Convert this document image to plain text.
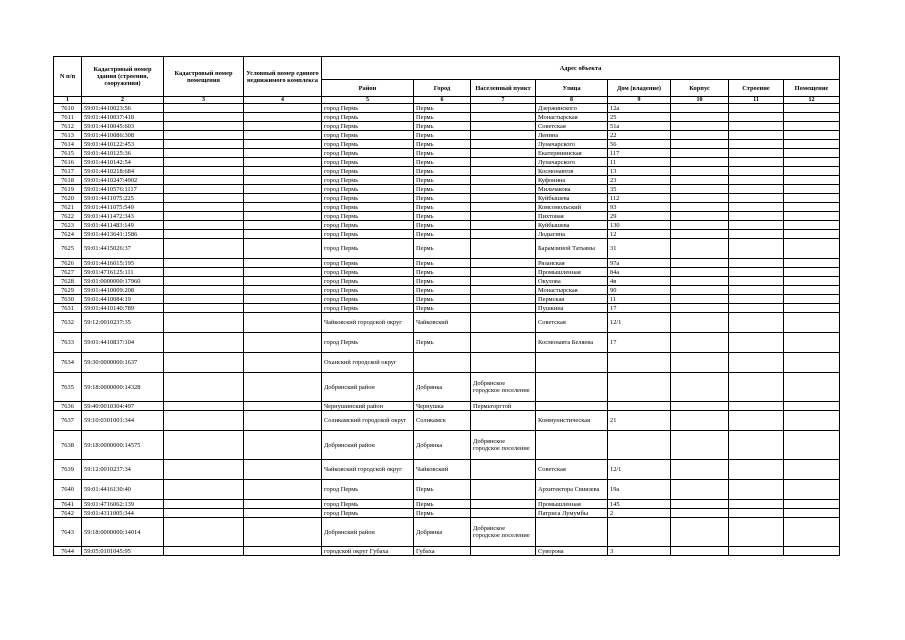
N п/п	Кадастровый номер здания (строения, сооружения)	Кадастровый номер помещения	Условный номер единого недвижимого комплекса	Адрес объекта							
				Район	Город	Населенный пункт	Улица	Дом (владение)	Корпус	Строение	Помещение
1	2	3	4	5	6	7	8	9	10	11	12
7610	59:01:4410023:56			город Пермь	Пермь		Дзержинского	12а			
7611	59:01:4410037:418			город Пермь	Пермь		Монастырская	25			
7612	59:01:4410045:603			город Пермь	Пермь		Советская	51а			
7613	59:01:4410086:308			город Пермь	Пермь		Ленина	22			
7614	59:01:4410122:453			город Пермь	Пермь		Луначарского	56			
7615	59:01:4410125:36			город Пермь	Пермь		Екатерининская	117			
7616	59:01:4410142:54			город Пермь	Пермь		Луначарского	11			
7617	59:01:4410218:684			город Пермь	Пермь		Космонавтов	13			
7618	59:01:4410247:4902			город Пермь	Пермь		Куфонина	23			
7619	59:01:4410576:1117			город Пермь	Пермь		Мильчакова	35			
7620	59:01:4411075:225			город Пермь	Пермь		Куйбышева	112			
7621	59:01:4411075:549			город Пермь	Пермь		Комсомольский	93			
7622	59:01:4411472:343			город Пермь	Пермь		Пихтовая	29			
7623	59:01:4411483:149			город Пермь	Пермь		Куйбышева	130			
7624	59:01:4413641:1586			город Пермь	Пермь		Лодыгина	12			
7625	59:01:4415026:37			город Пермь	Пермь		Барамзиной Татьяны	31			
7626	59:01:4416015:195			город Пермь	Пермь		Рязанская	97а			
7627	59:01:4716125:111			город Пермь	Пермь		Промышленная	84а			
7628	59:01:0000000:17960			город Пермь	Пермь		Окулова	4в			
7629	59:01:4410009:208			город Пермь	Пермь		Монастырская	90			
7630	59:01:4410084:19			город Пермь	Пермь		Пермская	11			
7631	59:01:4410140:789			город Пермь	Пермь		Пушкина	17			
7632	59:12:0010237:35			Чайковский городской округ	Чайковский		Советская	12/1			
7633	59:01:4410837:104			город Пермь	Пермь		Космонавта Беляева	17			
7634	59:30:0000000:1637			Оханский городской округ							
7635	59:18:0000000:14328			Добрянский район	Добрянка	Добрянское городское поселение					
7636	59:40:0010304:497			Чернушинский район	Чернушка	Пермьторгтой					
7637	59:10:0301001:344			Соликамский городской округ	Соликамск		Коммунистическая	21			
7638	59:18:0000000:14575			Добрянский район	Добрянка	Добрянское городское поселение					
7639	59:12:0010237:34			Чайковский городской округ	Чайковский		Советская	12/1			
7640	59:01:4416130:40			город Пермь	Пермь		Архитектора Свиязева	19а			
7641	59:01:4716062:139			город Пермь	Пермь		Промышленная	145			
7642	59:01:4311005:344			город Пермь	Пермь		Патриса Лумумбы	2			
7643	59:18:0000000:14014			Добрянский район	Добрянка	Добрянское городское поселение					
7644	59:05:0101045:95			городской округ Губаха	Губаха		Суворова	3			
